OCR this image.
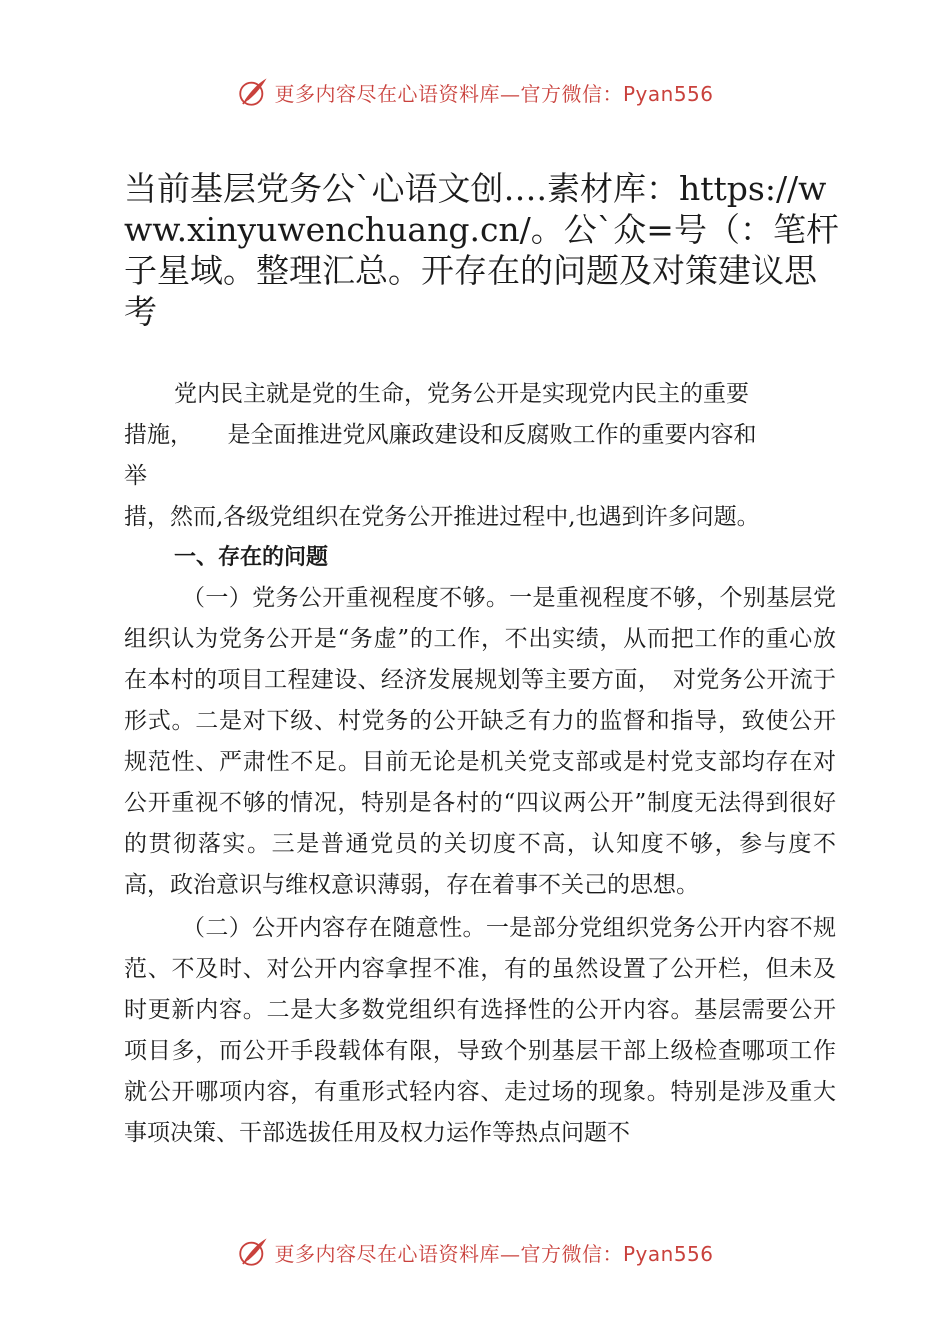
更多内容尽在心语资料库—官方微信：Pyan556
当前基层党务公`心语文创….素材库：https://www.xinyuwenchuang.cn/。公`众=号（：笔杆子星域。整理汇总。开存在的问题及对策建议思考

党内民主就是党的生命，党务公开是实现党内民主的重要

措施，　　是全面推进党风廉政建设和反腐败工作的重要内容和

举

措，然而,各级党组织在党务公开推进过程中,也遇到许多问题。

一、存在的问题

（一）党务公开重视程度不够。一是重视程度不够，个别基层党组织认为党务公开是“务虚”的工作，不出实绩，从而把工作的重心放在本村的项目工程建设、经济发展规划等主要方面，　对党务公开流于形式。二是对下级、村党务的公开缺乏有力的监督和指导，致使公开规范性、严肃性不足。目前无论是机关党支部或是村党支部均存在对公开重视不够的情况，特别是各村的“四议两公开”制度无法得到很好的贯彻落实。三是普通党员的关切度不高，认知度不够，参与度不高，政治意识与维权意识薄弱，存在着事不关己的思想。

（二）公开内容存在随意性。一是部分党组织党务公开内容不规范、不及时、对公开内容拿捏不准，有的虽然设置了公开栏，但未及时更新内容。二是大多数党组织有选择性的公开内容。基层需要公开项目多，而公开手段载体有限，导致个别基层干部上级检查哪项工作就公开哪项内容，有重形式轻内容、走过场的现象。特别是涉及重大事项决策、干部选拔任用及权力运作等热点问题不

更多内容尽在心语资料库—官方微信：Pyan556
